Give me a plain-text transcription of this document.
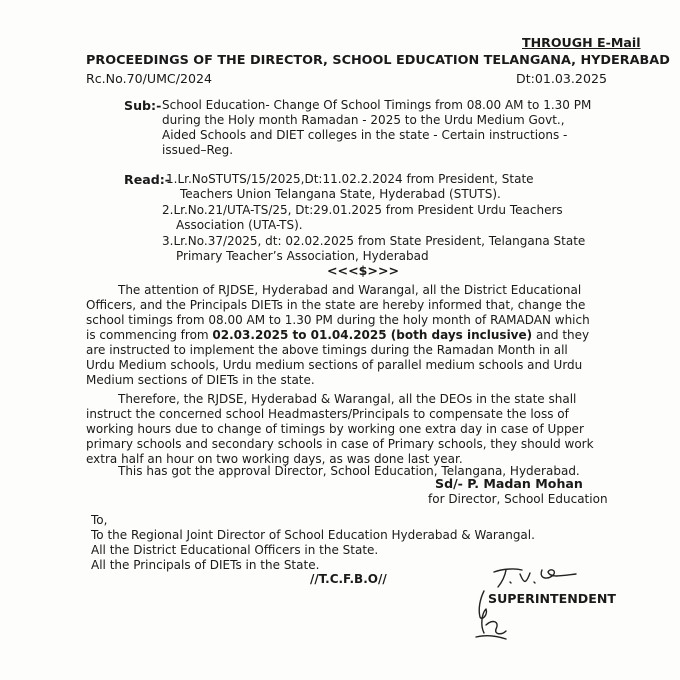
THROUGH E-Mail
PROCEEDINGS OF THE DIRECTOR, SCHOOL EDUCATION TELANGANA, HYDERABAD
Rc.No.70/UMC/2024	Dt:01.03.2025
Sub:- School Education- Change Of School Timings from 08.00 AM to 1.30 PM
during the Holy month Ramadan - 2025 to the Urdu Medium Govt.,
Aided Schools and DIET colleges in the state - Certain instructions -
issued–Reg.
Read:-
1.Lr.NoSTUTS/15/2025,Dt:11.02.2.2024 from President, State
Teachers Union Telangana State, Hyderabad (STUTS).
2.Lr.No.21/UTA-TS/25, Dt:29.01.2025 from President Urdu Teachers
Association (UTA-TS).
3.Lr.No.37/2025, dt: 02.02.2025 from State President, Telangana State
Primary Teacher’s Association, Hyderabad
<<<$>>>
The attention of RJDSE, Hyderabad and Warangal, all the District Educational
Officers, and the Principals DIETs in the state are hereby informed that, change the
school timings from 08.00 AM to 1.30 PM during the holy month of RAMADAN which
is commencing from 02.03.2025 to 01.04.2025 (both days inclusive) and they
are instructed to implement the above timings during the Ramadan Month in all
Urdu Medium schools, Urdu medium sections of parallel medium schools and Urdu
Medium sections of DIETs in the state.
Therefore, the RJDSE, Hyderabad & Warangal, all the DEOs in the state shall
instruct the concerned school Headmasters/Principals to compensate the loss of
working hours due to change of timings by working one extra day in case of Upper
primary schools and secondary schools in case of Primary schools, they should work
extra half an hour on two working days, as was done last year.
This has got the approval Director, School Education, Telangana, Hyderabad.
Sd/- P. Madan Mohan
for Director, School Education
To,
To the Regional Joint Director of School Education Hyderabad & Warangal.
All the District Educational Officers in the State.
All the Principals of DIETs in the State.
//T.C.F.B.O//
SUPERINTENDENT
